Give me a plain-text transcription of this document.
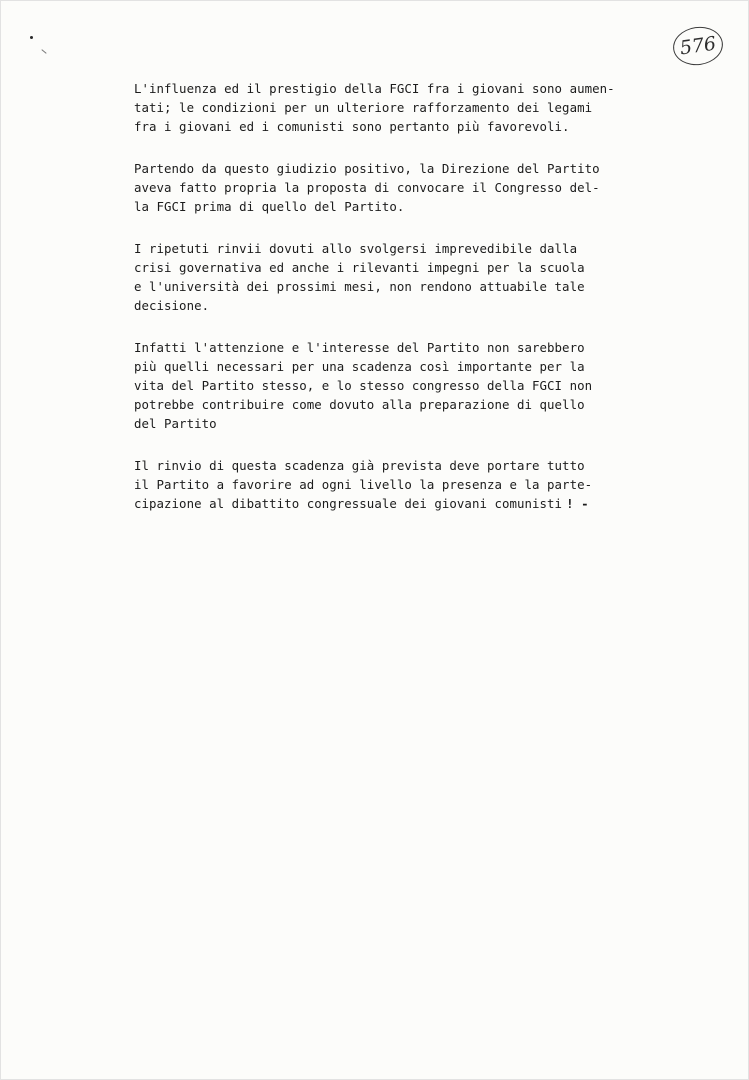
576
L'influenza ed il prestigio della FGCI fra i giovani sono aumen-
tati; le condizioni per un ulteriore rafforzamento dei legami
fra i giovani ed i comunisti sono pertanto più favorevoli.
Partendo da questo giudizio positivo, la Direzione del Partito
aveva fatto propria la proposta di convocare il Congresso del-
la FGCI prima di quello del Partito.
I ripetuti rinvii dovuti allo svolgersi imprevedibile dalla
crisi governativa ed anche i rilevanti impegni per la scuola
e l'università dei prossimi mesi, non rendono attuabile tale
decisione.
Infatti l'attenzione e l'interesse del Partito non sarebbero
più quelli necessari per una scadenza così importante per la
vita del Partito stesso, e lo stesso congresso della FGCI non
potrebbe contribuire come dovuto alla preparazione di quello
del Partito
Il rinvio di questa scadenza già prevista deve portare tutto
il Partito a favorire ad ogni livello la presenza e la parte-
cipazione al dibattito congressuale dei giovani comunisti ! -
